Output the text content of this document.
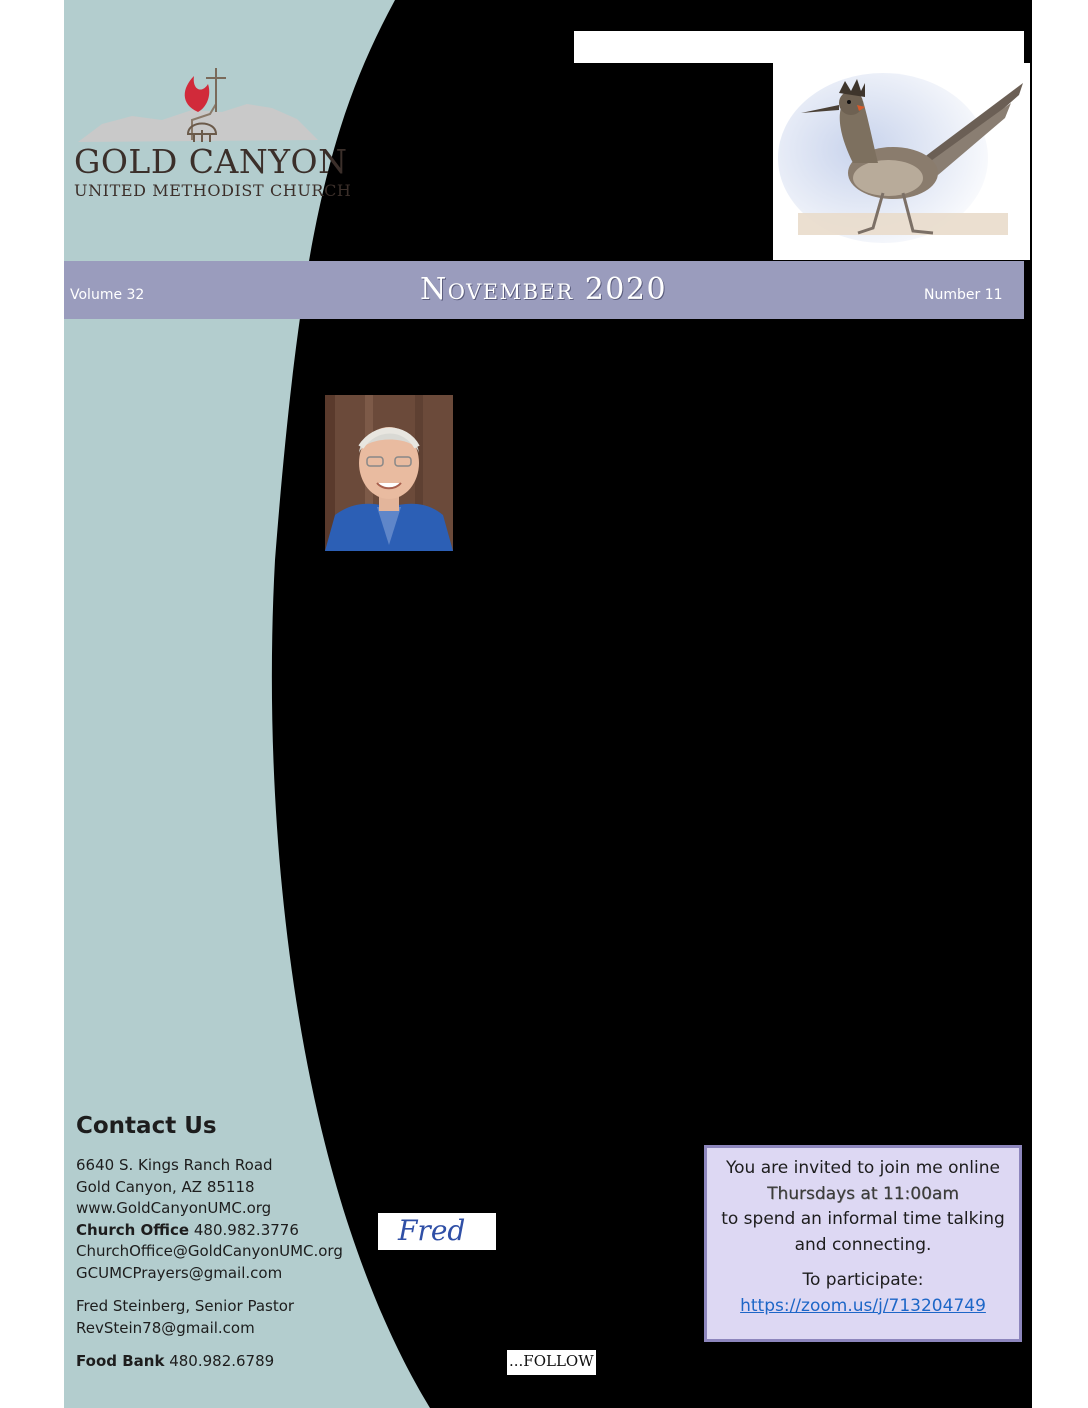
GOLD CANYON
UNITED METHODIST CHURCH
Volume 32	November 2020	Number 11
Contact Us
6640 S. Kings Ranch Road
Gold Canyon, AZ 85118
www.GoldCanyonUMC.org
Church Office 480.982.3776
ChurchOffice@GoldCanyonUMC.org
GCUMCPrayers@gmail.com
Fred Steinberg, Senior Pastor
RevStein78@gmail.com
Food Bank 480.982.6789
Fred
...FOLLOW

You are invited to join me online

Thursdays at 11:00am

to spend an informal time talking

and connecting.

To participate:

https://zoom.us/j/713204749
